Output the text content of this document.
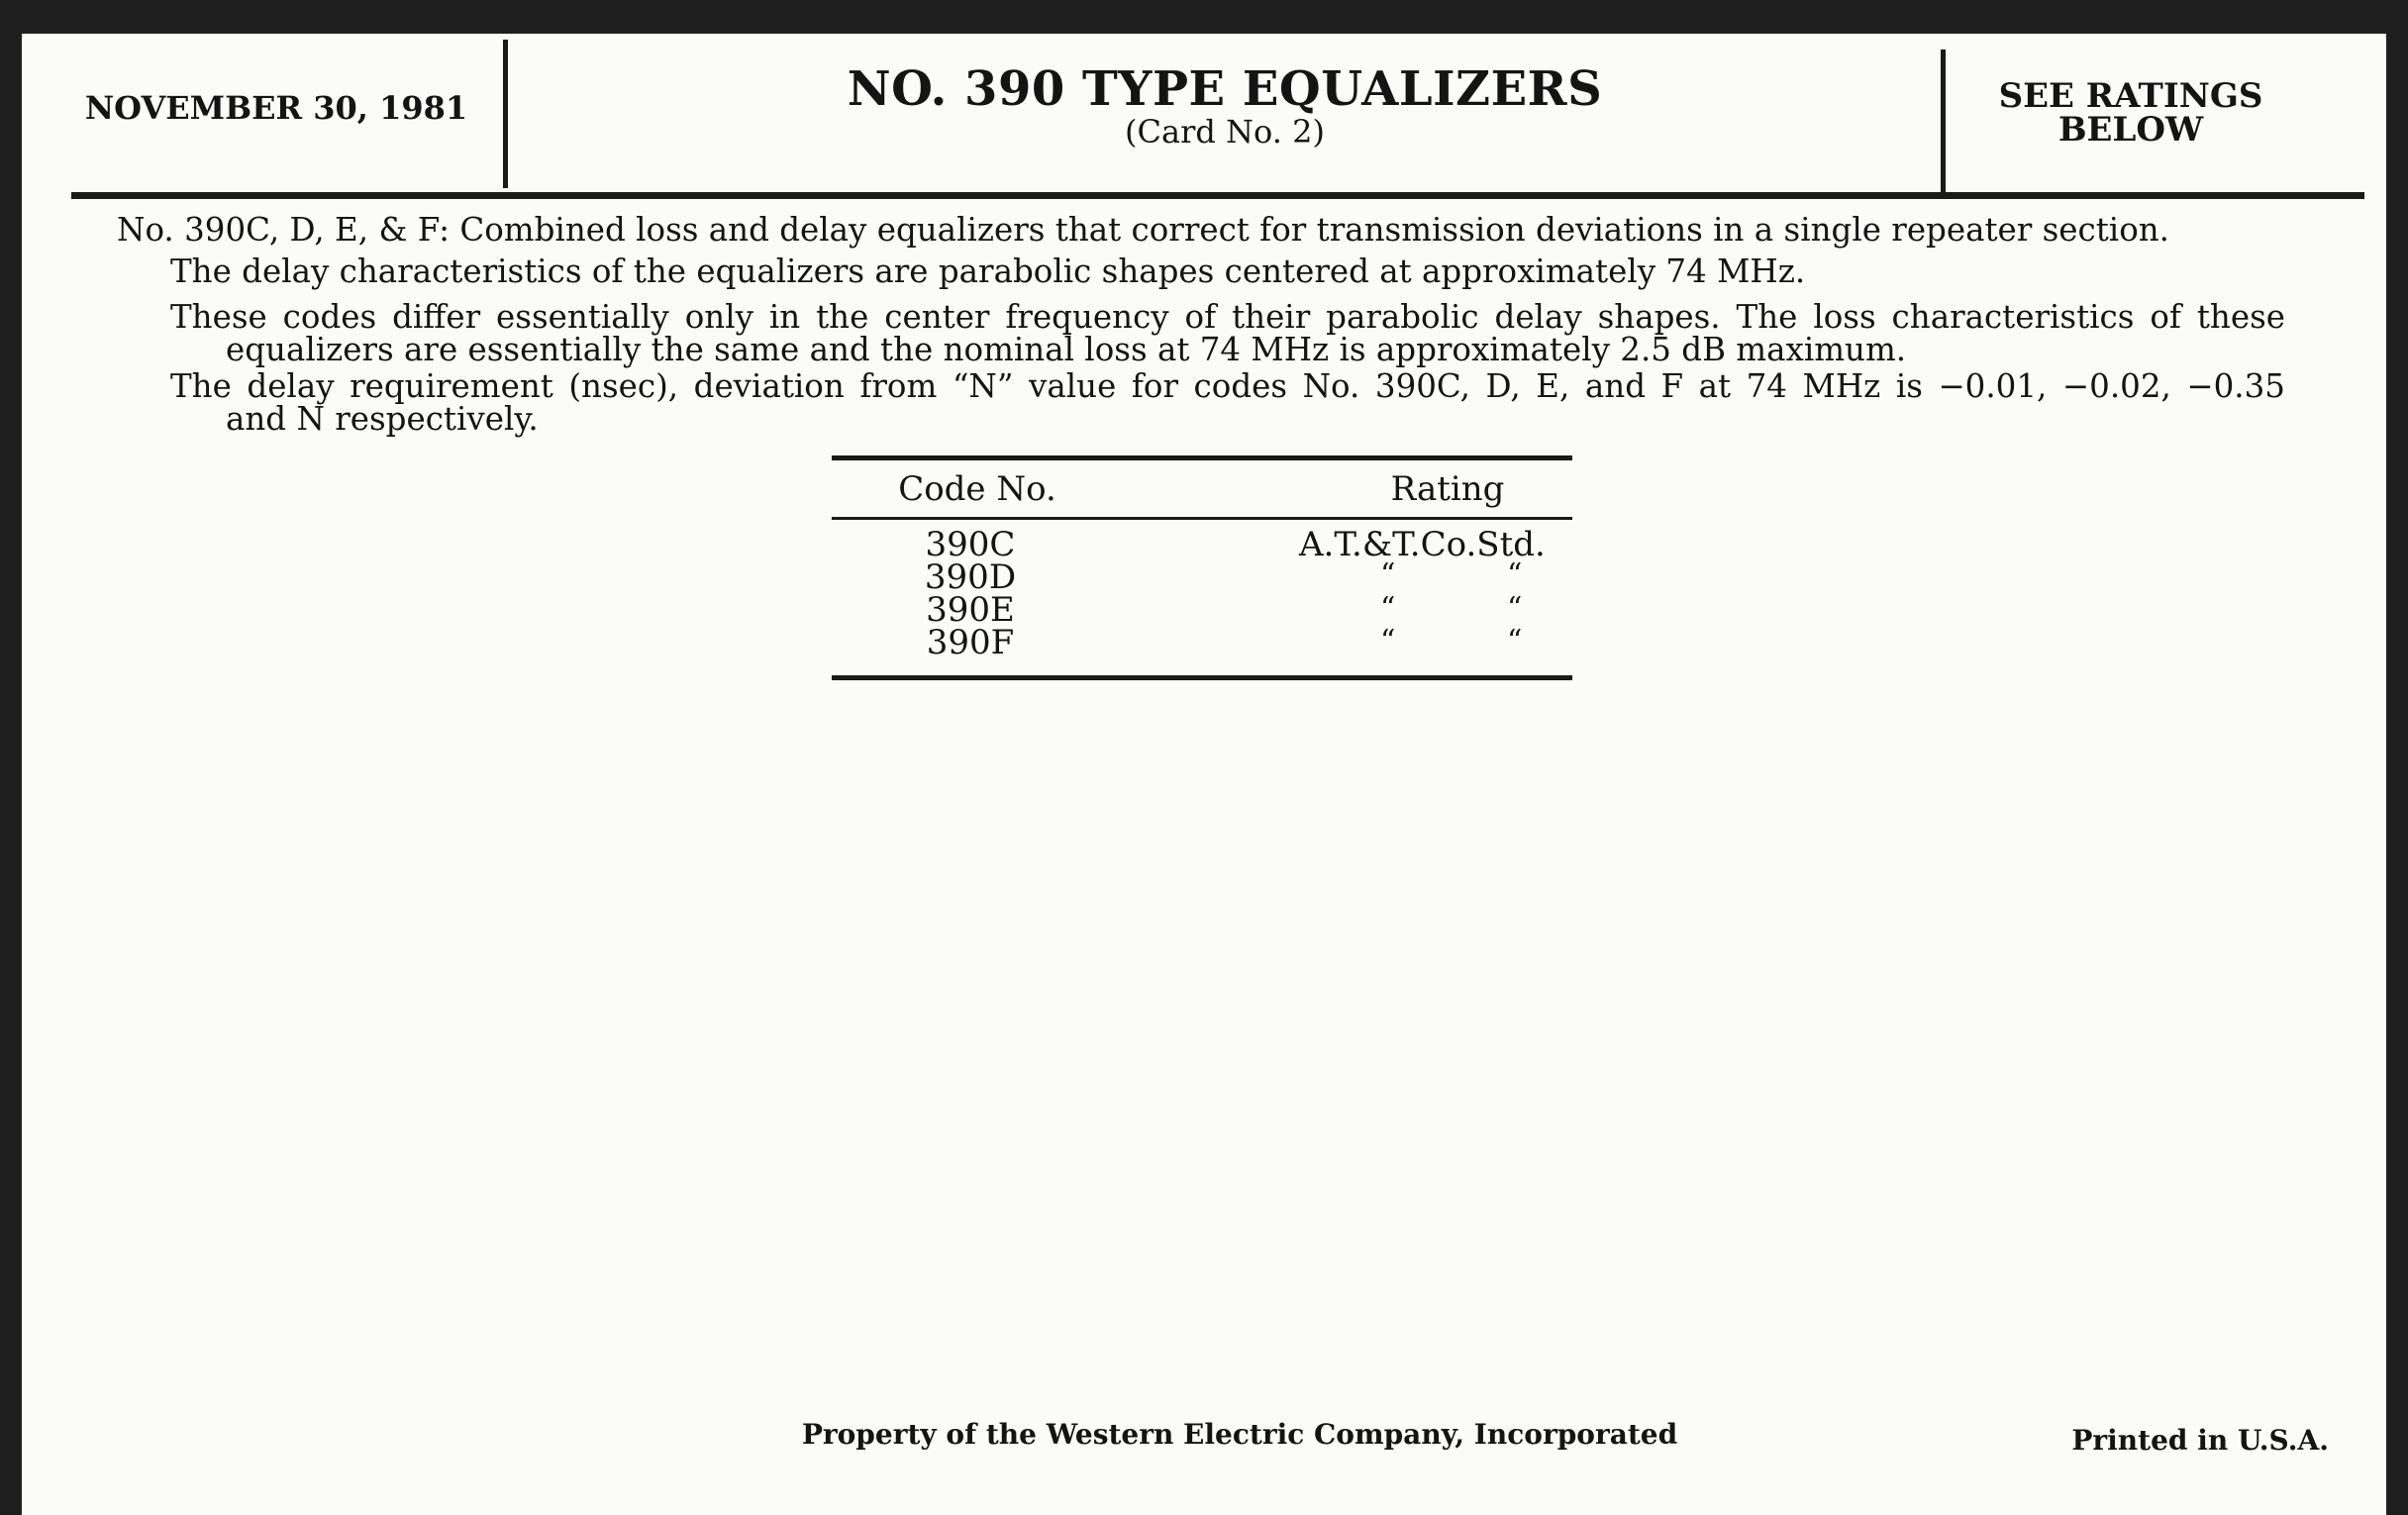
NOVEMBER 30, 1981	NO. 390 TYPE EQUALIZERS
(Card No. 2)
SEE RATINGS
BELOW
No. 390C, D, E, & F: Combined loss and delay equalizers that correct for transmission deviations in a single repeater section.
The delay characteristics of the equalizers are parabolic shapes centered at approximately 74 MHz.
These codes differ essentially only in the center frequency of their parabolic delay shapes. The loss characteristics of these
equalizers are essentially the same and the nominal loss at 74 MHz is approximately 2.5 dB maximum.
The delay requirement (nsec), deviation from “N” value for codes No. 390C, D, E, and F at 74 MHz is −0.01, −0.02, −0.35
and N respectively.
Code No.	Rating
390C	A.T.&T.Co.Std.
390D	“	“
390E	“	“
390F	“	“
Property of the Western Electric Company, Incorporated	Printed in U.S.A.
